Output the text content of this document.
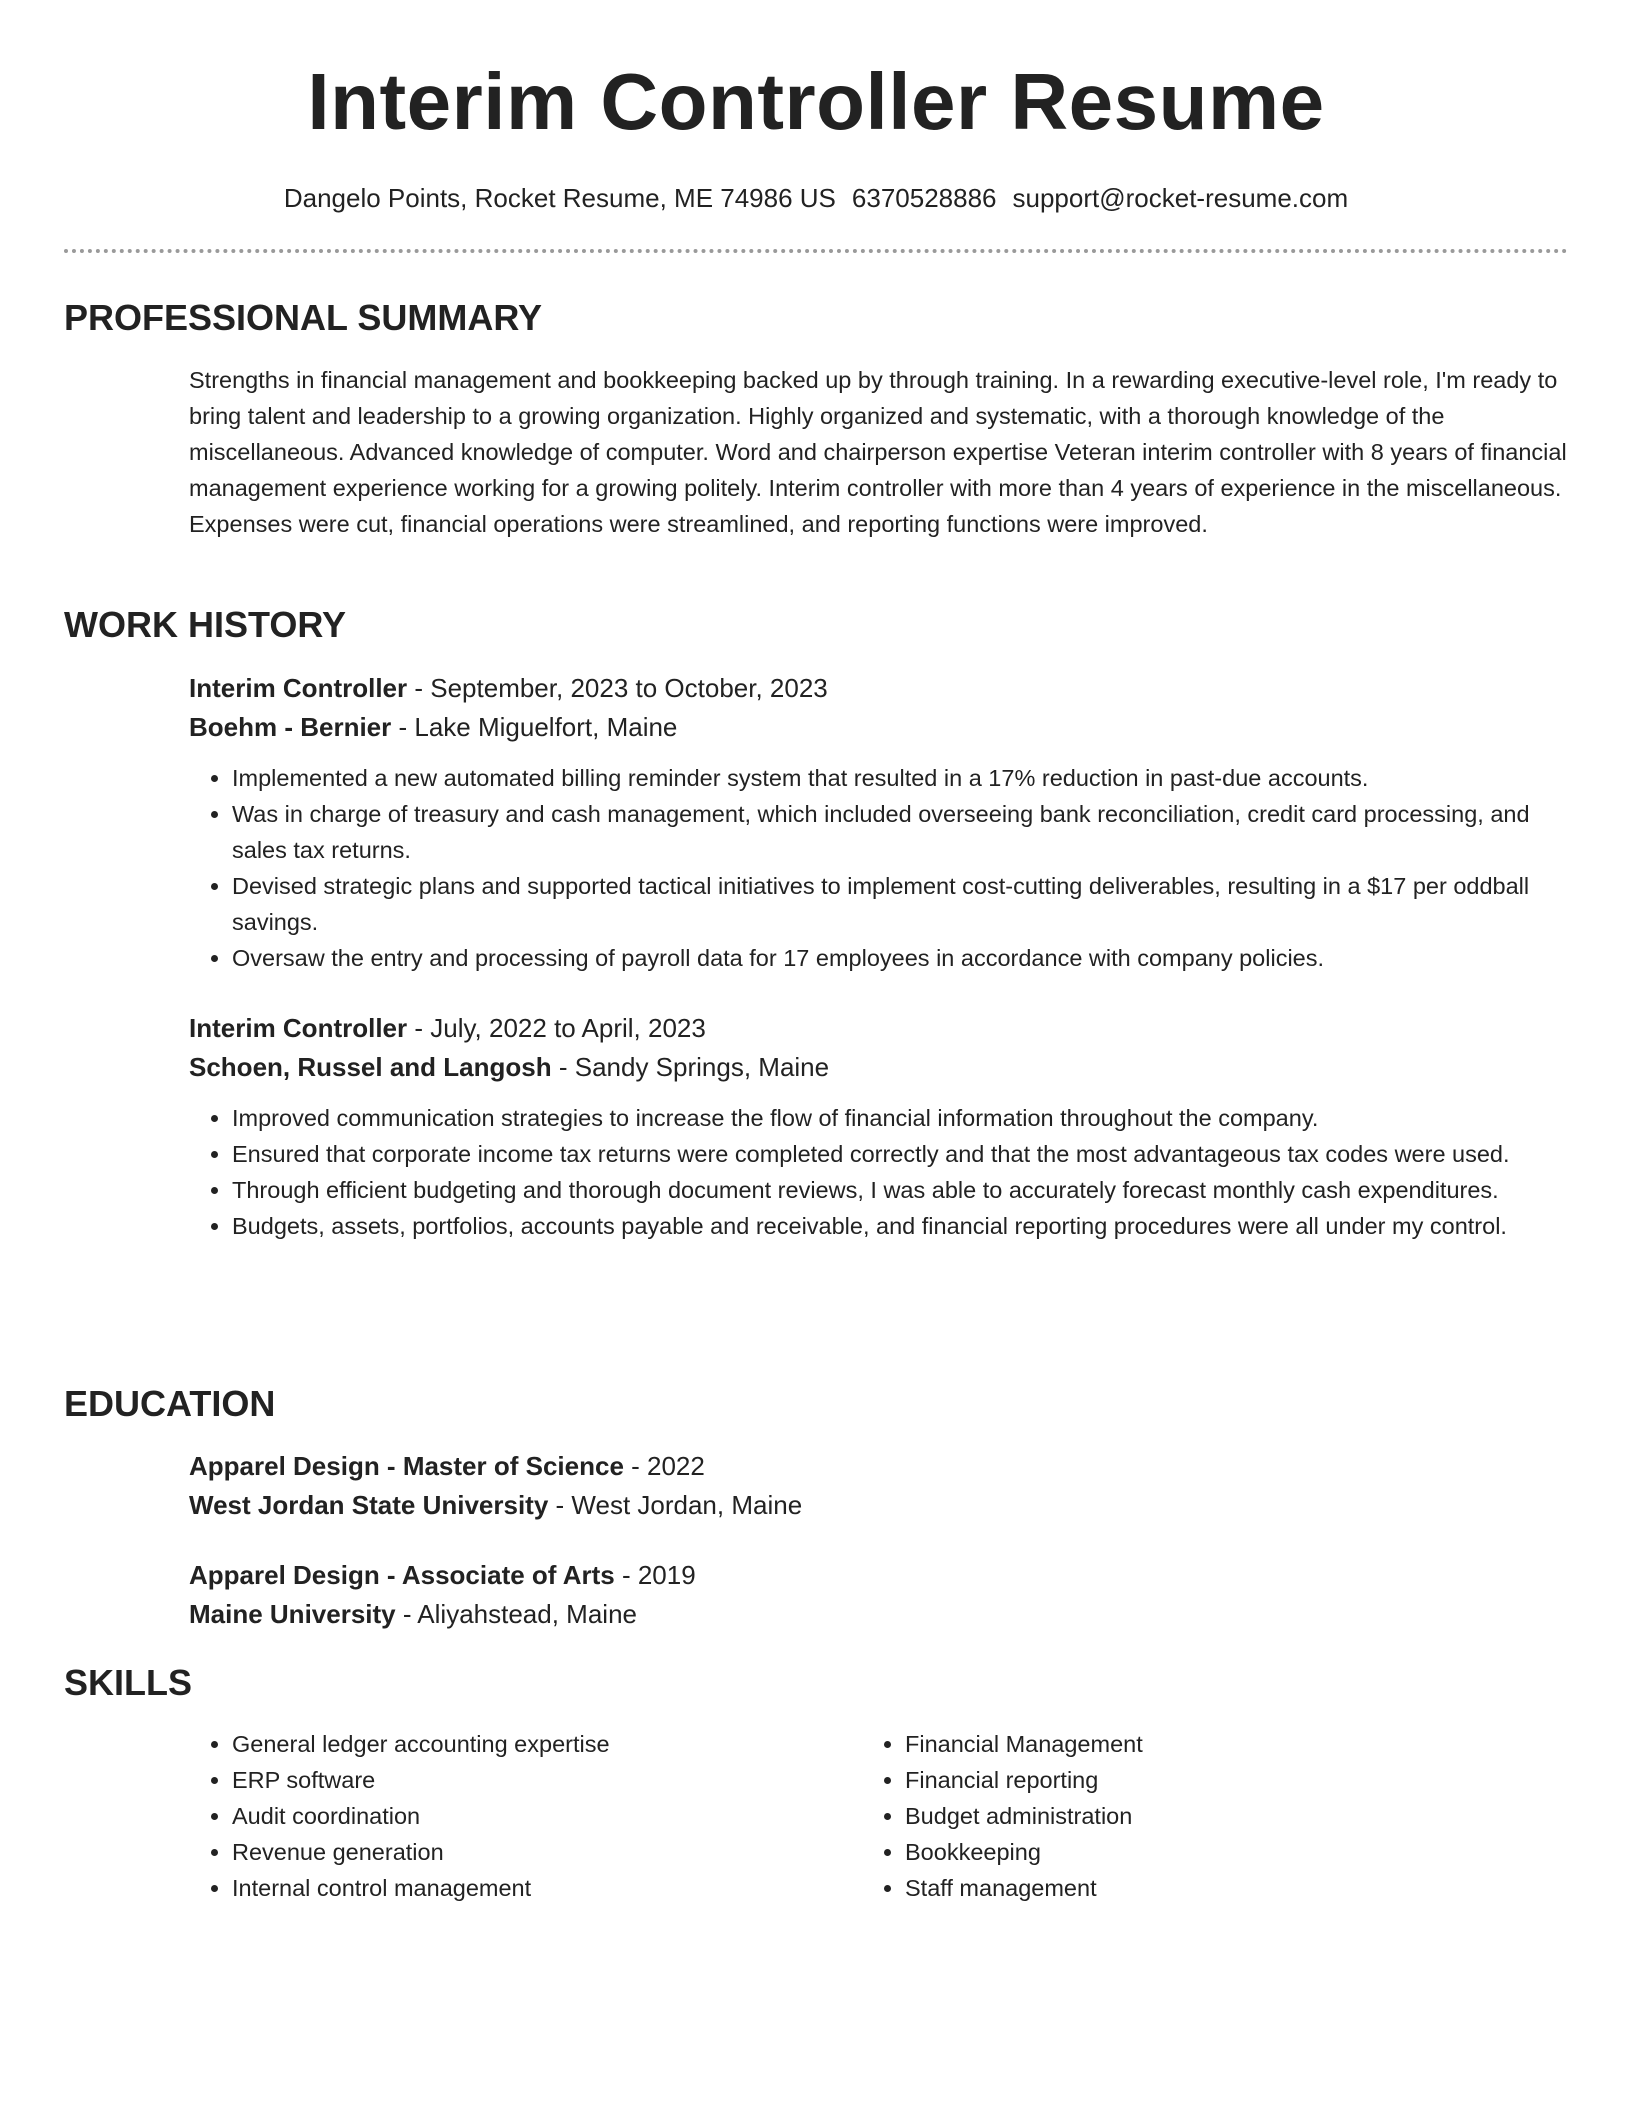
Interim Controller Resume
Dangelo Points, Rocket Resume, ME 74986 US 6370528886 support@rocket-resume.com
PROFESSIONAL SUMMARY

Strengths in financial management and bookkeeping backed up by through training. In a rewarding executive-level role, I'm ready to bring talent and leadership to a growing organization. Highly organized and systematic, with a thorough knowledge of the miscellaneous. Advanced knowledge of computer. Word and chairperson expertise Veteran interim controller with 8 years of financial management experience working for a growing politely. Interim controller with more than 4 years of experience in the miscellaneous. Expenses were cut, financial operations were streamlined, and reporting functions were improved.

WORK HISTORY

Interim Controller - September, 2023 to October, 2023

Boehm - Bernier - Lake Miguelfort, Maine

• Implemented a new automated billing reminder system that resulted in a 17% reduction in past-due accounts.
• Was in charge of treasury and cash management, which included overseeing bank reconciliation, credit card processing, and sales tax returns.
• Devised strategic plans and supported tactical initiatives to implement cost-cutting deliverables, resulting in a $17 per oddball savings.
• Oversaw the entry and processing of payroll data for 17 employees in accordance with company policies.

Interim Controller - July, 2022 to April, 2023

Schoen, Russel and Langosh - Sandy Springs, Maine

• Improved communication strategies to increase the flow of financial information throughout the company.
• Ensured that corporate income tax returns were completed correctly and that the most advantageous tax codes were used.
• Through efficient budgeting and thorough document reviews, I was able to accurately forecast monthly cash expenditures.
• Budgets, assets, portfolios, accounts payable and receivable, and financial reporting procedures were all under my control.
EDUCATION

Apparel Design - Master of Science - 2022

West Jordan State University - West Jordan, Maine

Apparel Design - Associate of Arts - 2019

Maine University - Aliyahstead, Maine

SKILLS
• General ledger accounting expertise
• ERP software
• Audit coordination
• Revenue generation
• Internal control management
• Financial Management
• Financial reporting
• Budget administration
• Bookkeeping
• Staff management
